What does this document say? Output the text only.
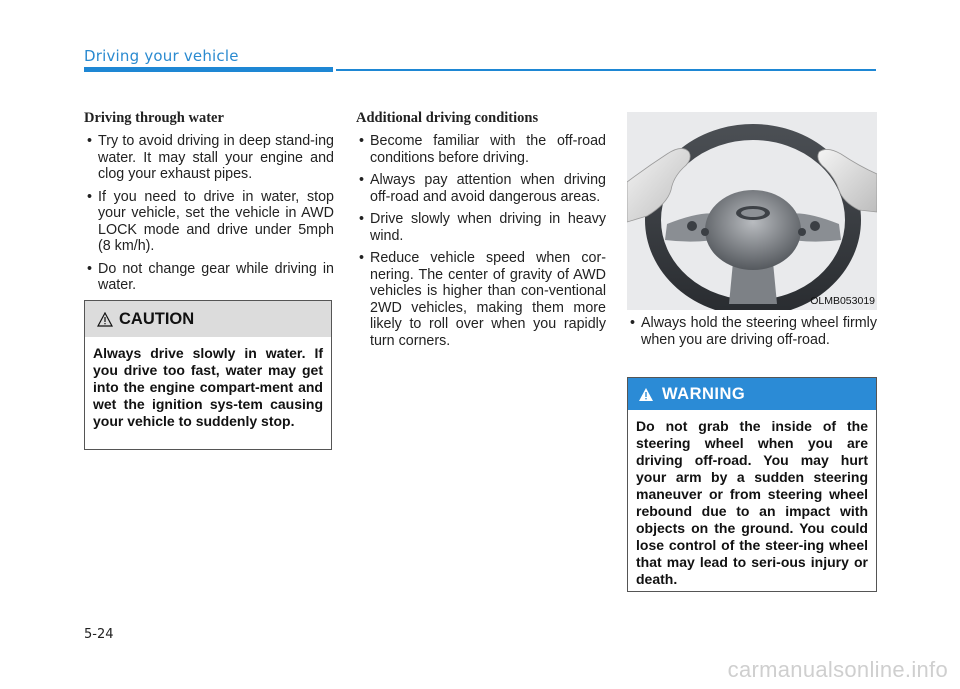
Driving your vehicle
Driving through water
• Try to avoid driving in deep stand-ing water. It may stall your engine and clog your exhaust pipes.
• If you need to drive in water, stop your vehicle, set the vehicle in AWD LOCK mode and drive under 5mph (8 km/h).
• Do not change gear while driving in water.
CAUTION
Always drive slowly in water. If you drive too fast, water may get into the engine compart-ment and wet the ignition sys-tem causing your vehicle to suddenly stop.
Additional driving conditions
• Become familiar with the off-road conditions before driving.
• Always pay attention when driving off-road and avoid dangerous areas.
• Drive slowly when driving in heavy wind.
• Reduce vehicle speed when cor-nering. The center of gravity of AWD vehicles is higher than con-ventional 2WD vehicles, making them more likely to roll over when you rapidly turn corners.
OLMB053019
• Always hold the steering wheel firmly when you are driving off-road.
WARNING
Do not grab the inside of the steering wheel when you are driving off-road. You may hurt your arm by a sudden steering maneuver or from steering wheel rebound due to an impact with objects on the ground. You could lose control of the steer-ing wheel that may lead to seri-ous injury or death.
5-24
carmanualsonline.info
